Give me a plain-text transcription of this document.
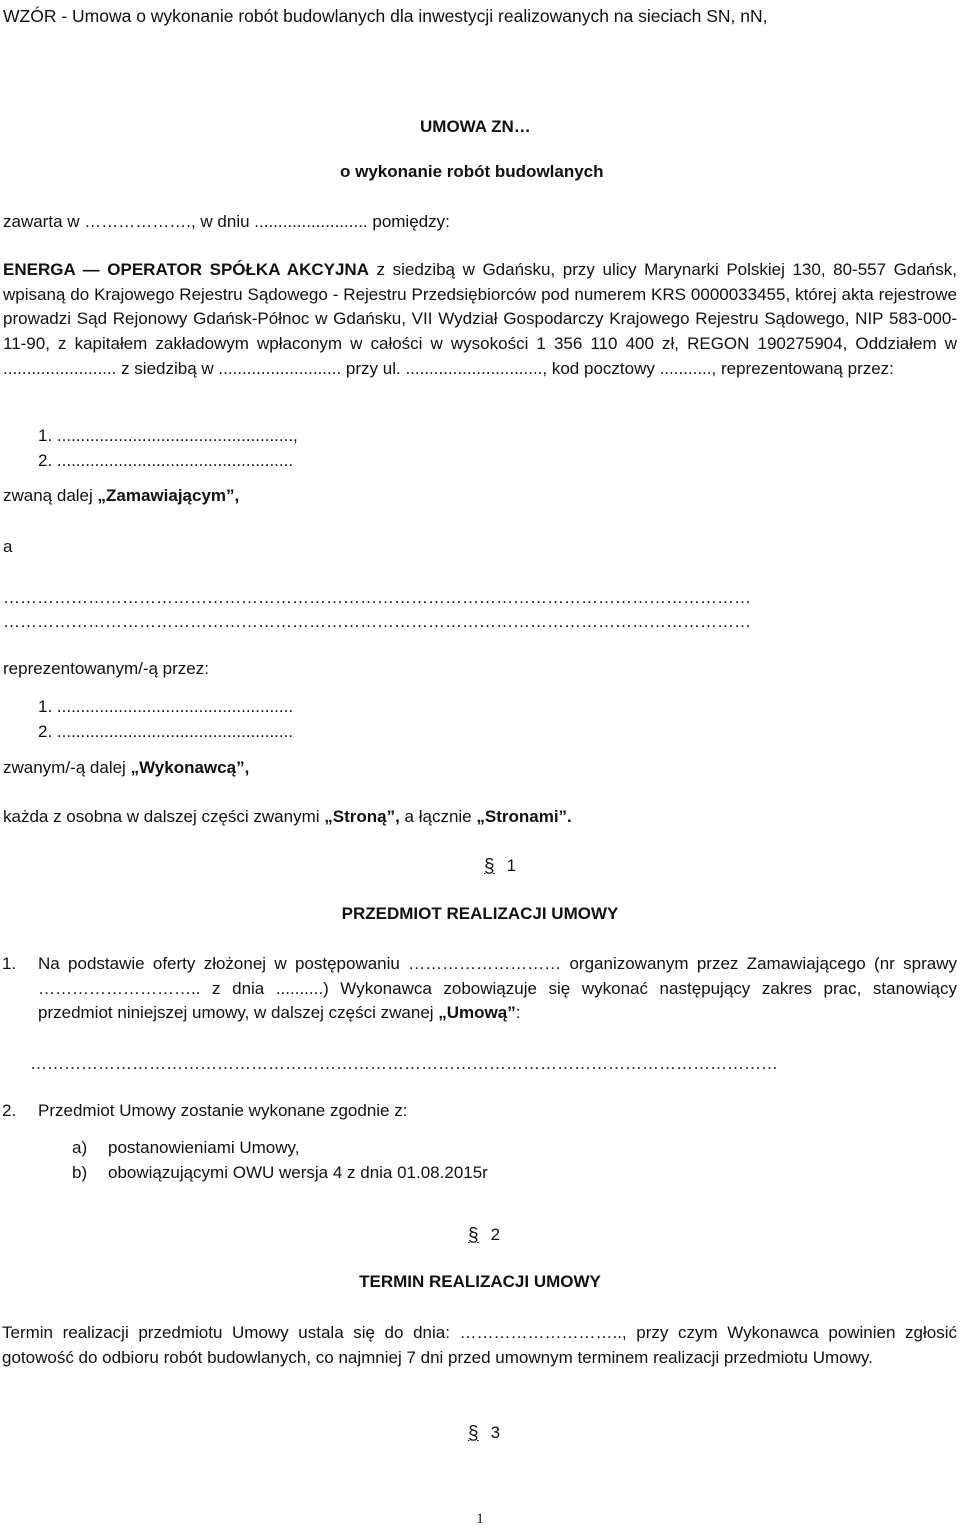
WZÓR - Umowa o wykonanie robót budowlanych dla inwestycji realizowanych na sieciach SN, nN,
UMOWA ZN…
o wykonanie robót budowlanych
zawarta w ………………., w dniu ........................ pomiędzy:
ENERGA — OPERATOR SPÓŁKA AKCYJNA z siedzibą w Gdańsku, przy ulicy Marynarki Polskiej 130, 80-557 Gdańsk, wpisaną do Krajowego Rejestru Sądowego - Rejestru Przedsiębiorców pod numerem KRS 0000033455, której akta rejestrowe prowadzi Sąd Rejonowy Gdańsk-Północ w Gdańsku, VII Wydział Gospodarczy Krajowego Rejestru Sądowego, NIP 583-000-11-90, z kapitałem zakładowym wpłaconym w całości w wysokości 1 356 110 400 zł, REGON 190275904, Oddziałem w ........................ z siedzibą w .......................... przy ul. ............................., kod pocztowy ..........., reprezentowaną przez:
1. ..................................................,
2. ..................................................
zwaną dalej „Zamawiającym”,
a
……………………………………………………………………………………………………………………
……………………………………………………………………………………………………………………
reprezentowanym/-ą przez:
1. ..................................................
2. ..................................................
zwanym/-ą dalej „Wykonawcą”,
każda z osobna w dalszej części zwanymi „Stroną”, a łącznie „Stronami”.
§ 1
PRZEDMIOT REALIZACJI UMOWY
1.	Na podstawie oferty złożonej w postępowaniu ……………………… organizowanym przez Zamawiającego (nr sprawy ……………………….. z dnia ..........) Wykonawca zobowiązuje się wykonać następujący zakres prac, stanowiący przedmiot niniejszej umowy, w dalszej części zwanej „Umową”:
……………………………………………………………………………………………………………………
2.	Przedmiot Umowy zostanie wykonane zgodnie z:
a) postanowieniami Umowy,
b) obowiązującymi OWU wersja 4 z dnia 01.08.2015r
§ 2
TERMIN REALIZACJI UMOWY
Termin realizacji przedmiotu Umowy ustala się do dnia: ……………………….., przy czym Wykonawca powinien zgłosić gotowość do odbioru robót budowlanych, co najmniej 7 dni przed umownym terminem realizacji przedmiotu Umowy.
§ 3
1
